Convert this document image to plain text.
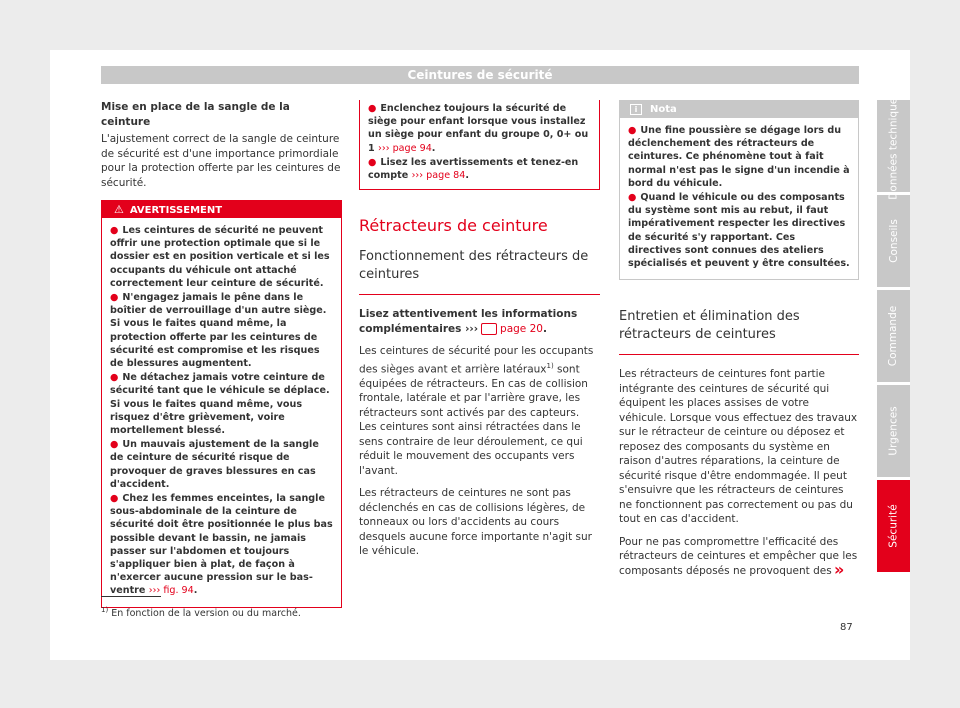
Ceintures de sécurité
Mise en place de la sangle de la ceinture

L'ajustement correct de la sangle de ceinture de sécurité est d'une importance primordiale pour la protection offerte par les ceintures de sécurité.

⚠ AVERTISSEMENT
● Les ceintures de sécurité ne peuvent offrir une protection optimale que si le dossier est en position verticale et si les occupants du véhicule ont attaché correctement leur ceinture de sécurité.
● N'engagez jamais le pêne dans le boîtier de verrouillage d'un autre siège. Si vous le faites quand même, la protection offerte par les ceintures de sécurité est compromise et les risques de blessures augmentent.
● Ne détachez jamais votre ceinture de sécurité tant que le véhicule se déplace. Si vous le faites quand même, vous risquez d'être grièvement, voire mortellement blessé.
● Un mauvais ajustement de la sangle de ceinture de sécurité risque de provoquer de graves blessures en cas d'accident.
● Chez les femmes enceintes, la sangle sous-abdominale de la ceinture de sécurité doit être positionnée le plus bas possible devant le bassin, ne jamais passer sur l'abdomen et toujours s'appliquer bien à plat, de façon à n'exercer aucune pression sur le bas-ventre ››› fig. 94.
● Enclenchez toujours la sécurité de siège pour enfant lorsque vous installez un siège pour enfant du groupe 0, 0+ ou 1 ››› page 94.
● Lisez les avertissements et tenez-en compte ››› page 84.
Rétracteurs de ceinture
Fonctionnement des rétracteurs de ceintures

Lisez attentivement les informations complémentaires ››› page 20.

Les ceintures de sécurité pour les occupants des sièges avant et arrière latéraux$^{1)}$ sont équipées de rétracteurs. En cas de collision frontale, latérale et par l'arrière grave, les rétracteurs sont activés par des capteurs. Les ceintures sont ainsi rétractées dans le sens contraire de leur déroulement, ce qui réduit le mouvement des occupants vers l'avant.

Les rétracteurs de ceintures ne sont pas déclenchés en cas de collisions légères, de tonneaux ou lors d'accidents au cours desquels aucune force importante n'agit sur le véhicule.

i Nota
● Une fine poussière se dégage lors du déclenchement des rétracteurs de ceintures. Ce phénomène tout à fait normal n'est pas le signe d'un incendie à bord du véhicule.
● Quand le véhicule ou des composants du système sont mis au rebut, il faut impérativement respecter les directives de sécurité s'y rapportant. Ces directives sont connues des ateliers spécialisés et peuvent y être consultées.
Entretien et élimination des rétracteurs de ceintures

Les rétracteurs de ceintures font partie intégrante des ceintures de sécurité qui équipent les places assises de votre véhicule. Lorsque vous effectuez des travaux sur le rétracteur de ceinture ou déposez et reposez des composants du système en raison d'autres réparations, la ceinture de sécurité risque d'être endommagée. Il peut s'ensuivre que les rétracteurs de ceintures ne fonctionnent pas correctement ou pas du tout en cas d'accident.

Pour ne pas compromettre l'efficacité des rétracteurs de ceintures et empêcher que les composants déposés ne provoquent des »
Données techniques
Conseils
Commande
Urgences
Sécurité
$^{1)}$ En fonction de la version ou du marché.
87
